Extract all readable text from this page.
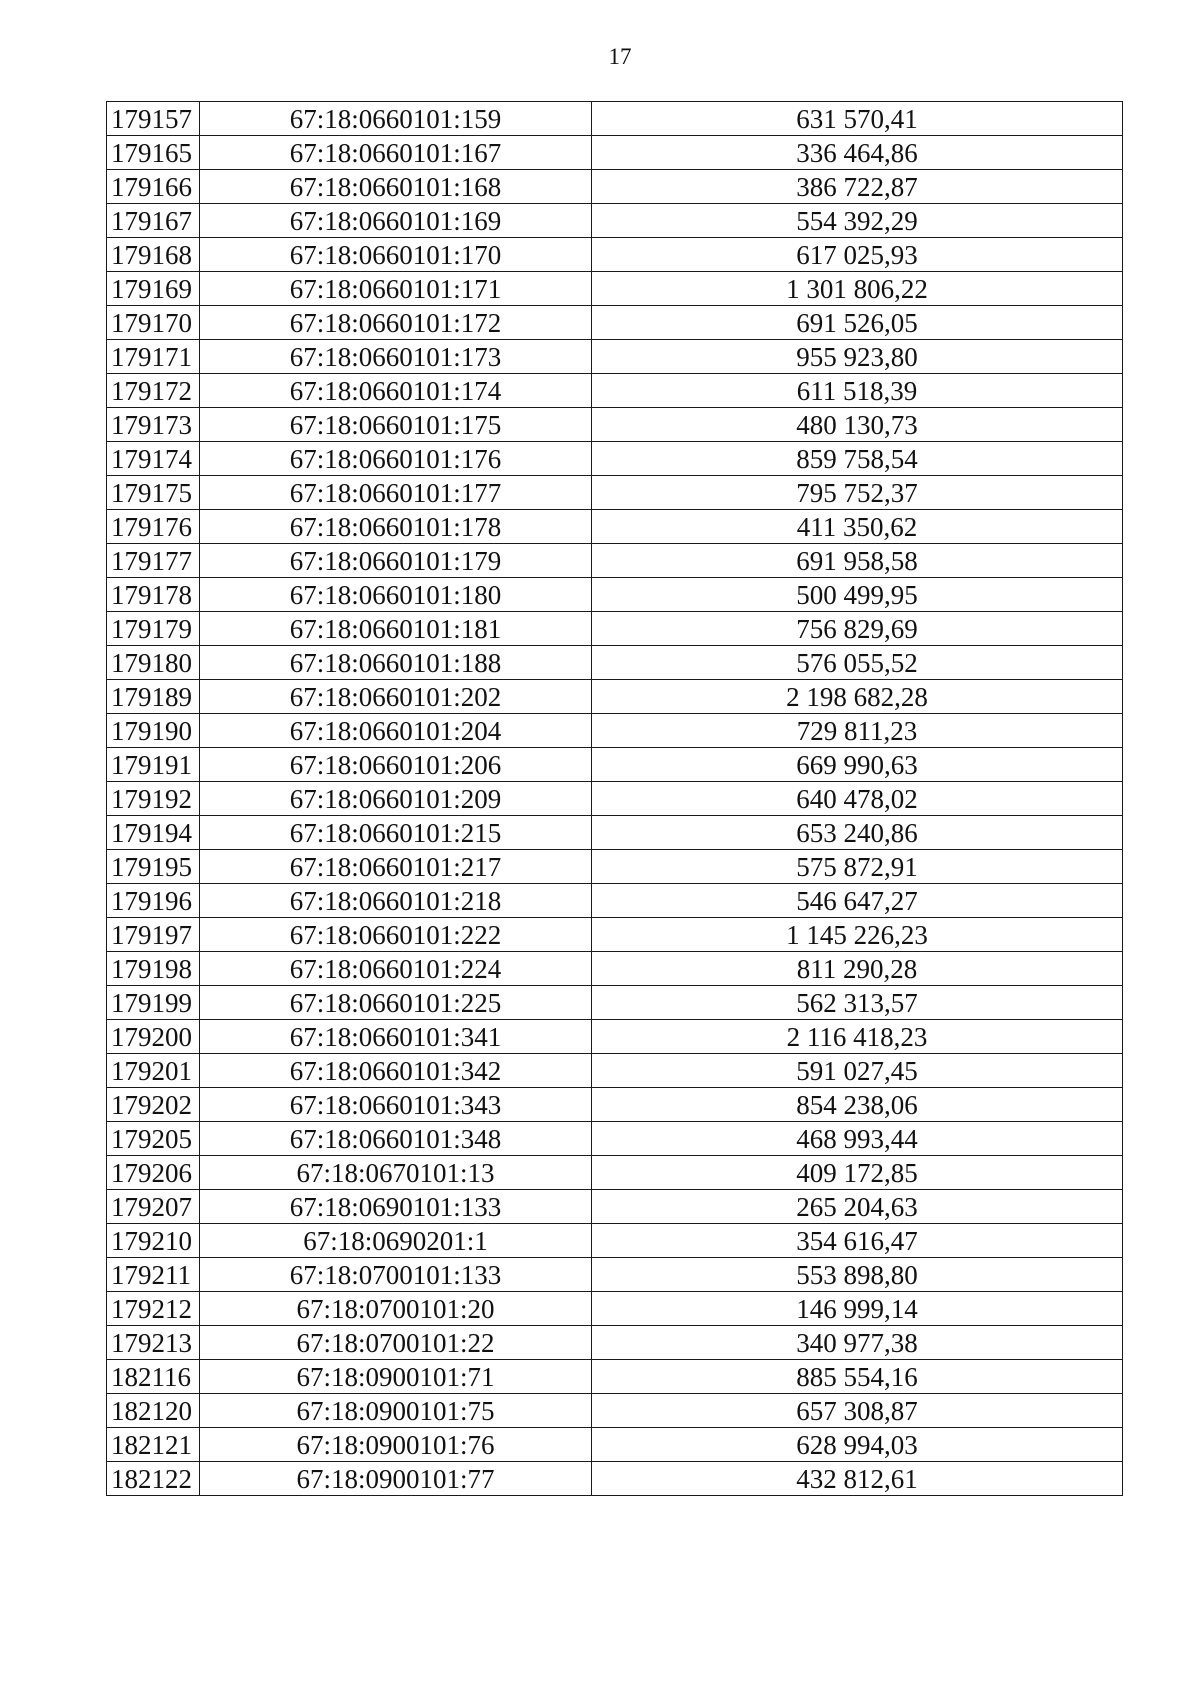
17
179157	67:18:0660101:159	631 570,41
179165	67:18:0660101:167	336 464,86
179166	67:18:0660101:168	386 722,87
179167	67:18:0660101:169	554 392,29
179168	67:18:0660101:170	617 025,93
179169	67:18:0660101:171	1 301 806,22
179170	67:18:0660101:172	691 526,05
179171	67:18:0660101:173	955 923,80
179172	67:18:0660101:174	611 518,39
179173	67:18:0660101:175	480 130,73
179174	67:18:0660101:176	859 758,54
179175	67:18:0660101:177	795 752,37
179176	67:18:0660101:178	411 350,62
179177	67:18:0660101:179	691 958,58
179178	67:18:0660101:180	500 499,95
179179	67:18:0660101:181	756 829,69
179180	67:18:0660101:188	576 055,52
179189	67:18:0660101:202	2 198 682,28
179190	67:18:0660101:204	729 811,23
179191	67:18:0660101:206	669 990,63
179192	67:18:0660101:209	640 478,02
179194	67:18:0660101:215	653 240,86
179195	67:18:0660101:217	575 872,91
179196	67:18:0660101:218	546 647,27
179197	67:18:0660101:222	1 145 226,23
179198	67:18:0660101:224	811 290,28
179199	67:18:0660101:225	562 313,57
179200	67:18:0660101:341	2 116 418,23
179201	67:18:0660101:342	591 027,45
179202	67:18:0660101:343	854 238,06
179205	67:18:0660101:348	468 993,44
179206	67:18:0670101:13	409 172,85
179207	67:18:0690101:133	265 204,63
179210	67:18:0690201:1	354 616,47
179211	67:18:0700101:133	553 898,80
179212	67:18:0700101:20	146 999,14
179213	67:18:0700101:22	340 977,38
182116	67:18:0900101:71	885 554,16
182120	67:18:0900101:75	657 308,87
182121	67:18:0900101:76	628 994,03
182122	67:18:0900101:77	432 812,61
